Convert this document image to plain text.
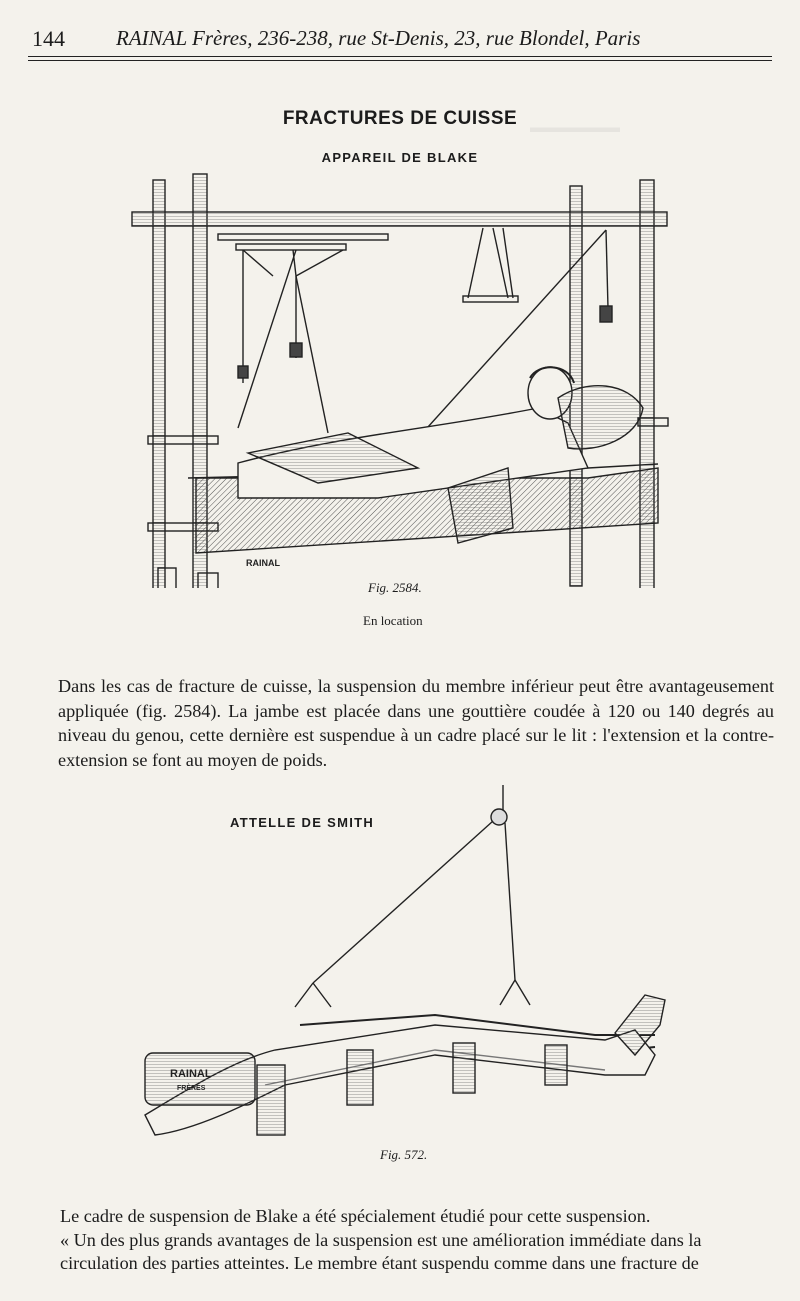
144 RAINAL Frères, 236-238, rue St-Denis, 23, rue Blondel, Paris
▬▬▬▬▬▬
FRACTURES DE CUISSE
APPAREIL DE BLAKE
RAINAL
Fig. 2584.
En location
Dans les cas de fracture de cuisse, la suspension du membre inférieur peut être avantageusement appliquée (fig. 2584). La jambe est placée dans une gouttière coudée à 120 ou 140 degrés au niveau du genou, cette dernière est suspendue à un cadre placé sur le lit : l'extension et la contre-extension se font au moyen de poids.
ATTELLE DE SMITH
RAINAL
FRÈRES
Fig. 572.
Le cadre de suspension de Blake a été spécialement étudié pour cette suspension.
« Un des plus grands avantages de la suspension est une amélioration immédiate dans la circulation des parties atteintes. Le membre étant suspendu comme dans une fracture de
